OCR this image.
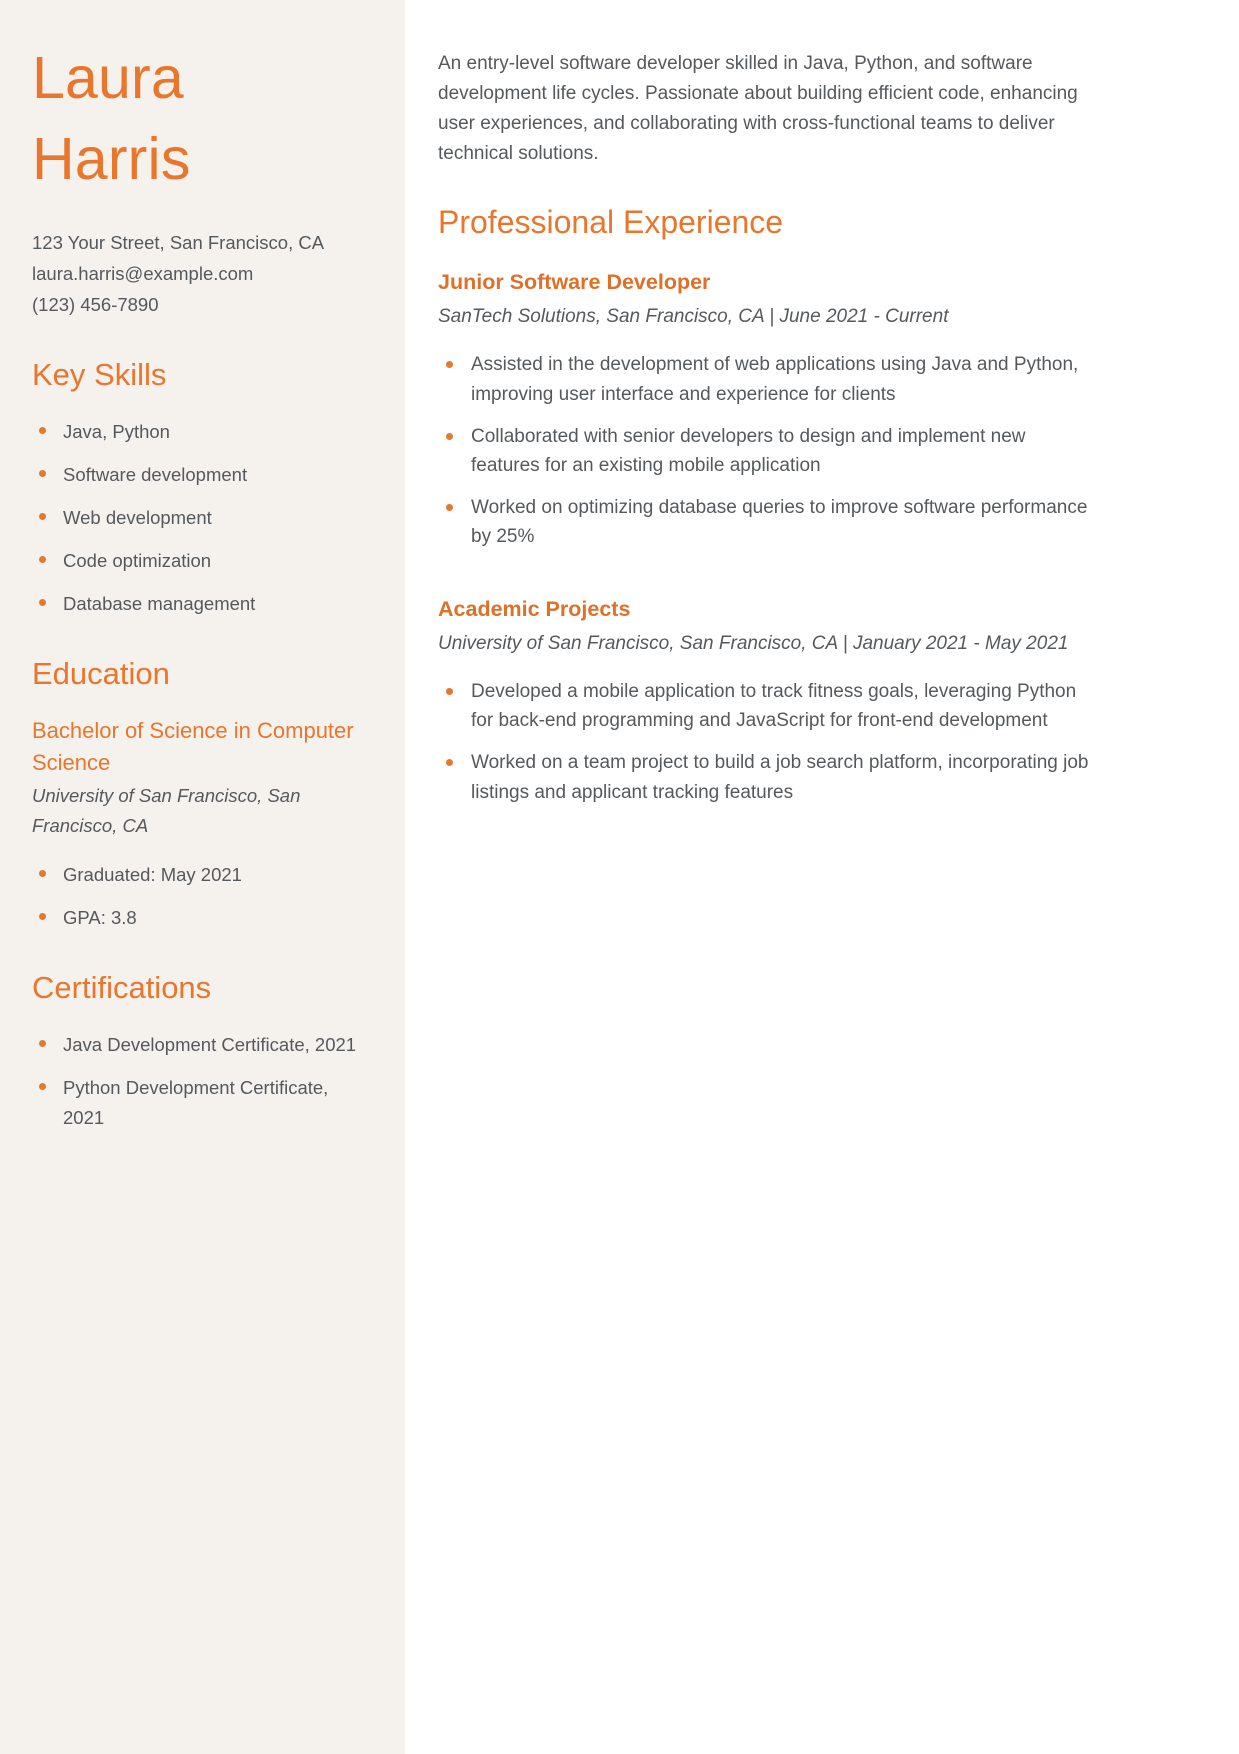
Laura
Harris
123 Your Street, San Francisco, CA
laura.harris@example.com
(123) 456-7890
Key Skills
Java, Python
Software development
Web development
Code optimization
Database management
Education
Bachelor of Science in Computer Science
University of San Francisco, San Francisco, CA
Graduated: May 2021
GPA: 3.8
Certifications
Java Development Certificate, 2021
Python Development Certificate, 2021

An entry-level software developer skilled in Java, Python, and software development life cycles. Passionate about building efficient code, enhancing user experiences, and collaborating with cross-functional teams to deliver technical solutions.

Professional Experience
Junior Software Developer
SanTech Solutions, San Francisco, CA | June 2021 - Current
Assisted in the development of web applications using Java and Python, improving user interface and experience for clients
Collaborated with senior developers to design and implement new features for an existing mobile application
Worked on optimizing database queries to improve software performance by 25%
Academic Projects
University of San Francisco, San Francisco, CA | January 2021 - May 2021
Developed a mobile application to track fitness goals, leveraging Python for back-end programming and JavaScript for front-end development
Worked on a team project to build a job search platform, incorporating job listings and applicant tracking features
